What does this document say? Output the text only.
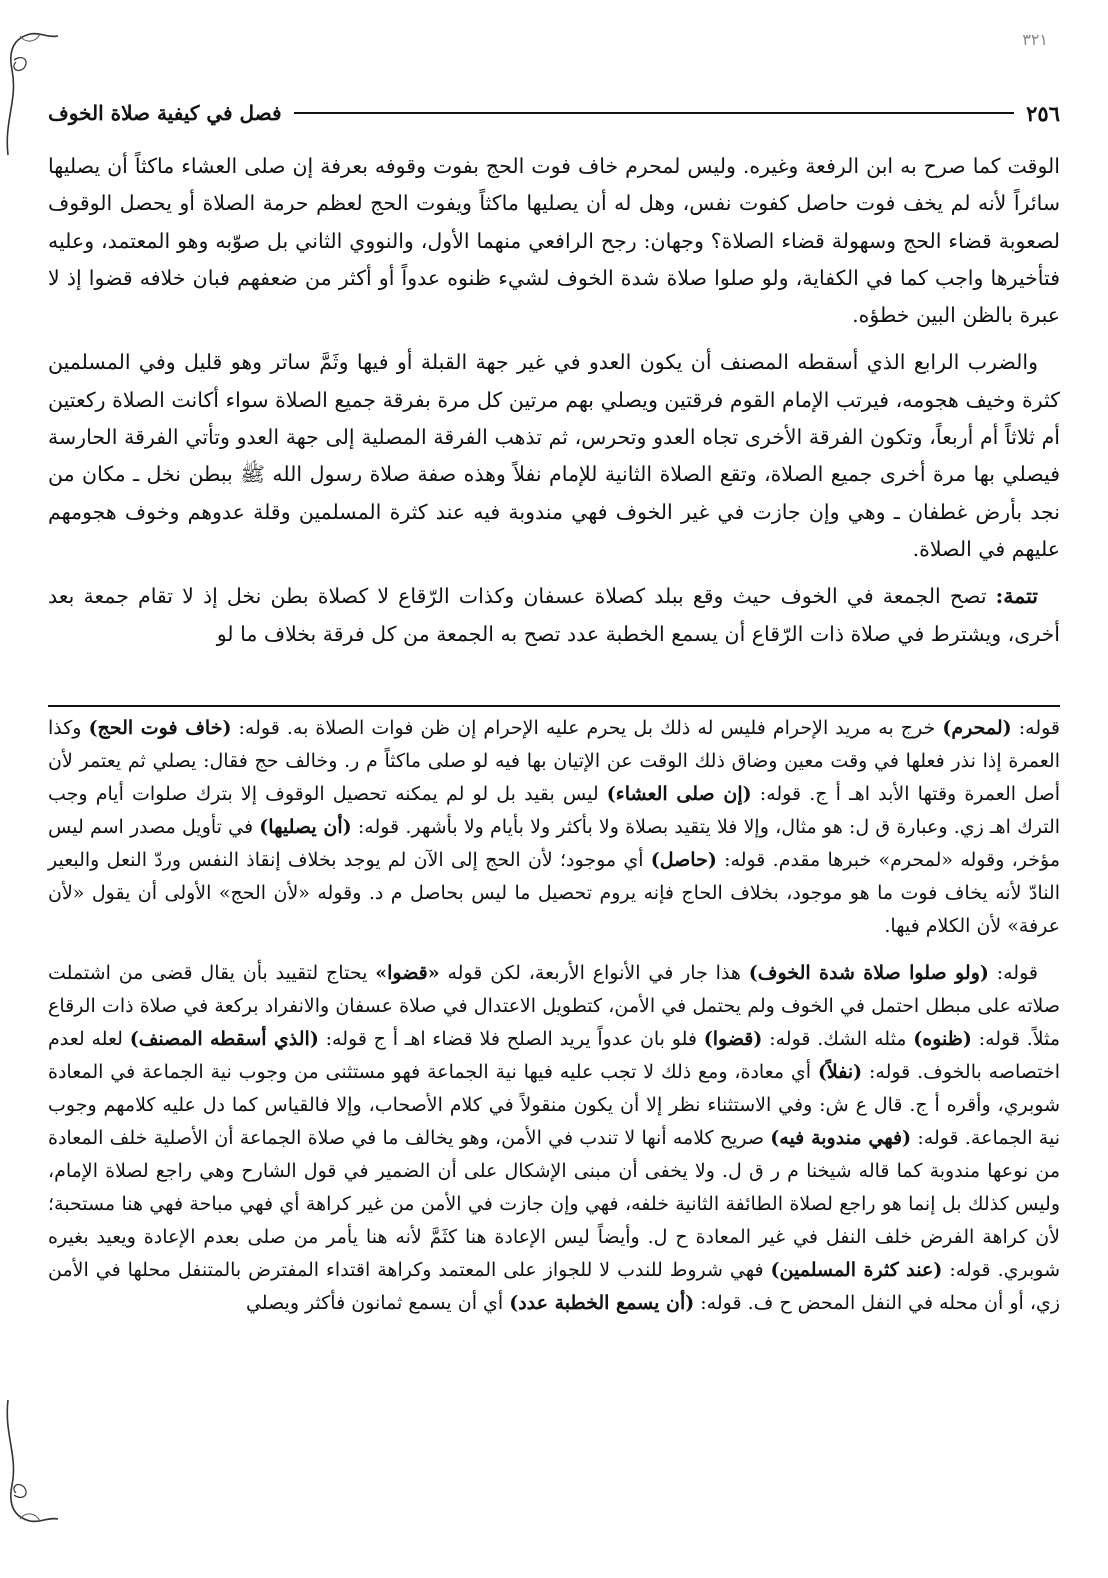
٣٢١
٢٥٦
فصل في كيفية صلاة الخوف

الوقت كما صرح به ابن الرفعة وغيره. وليس لمحرم خاف فوت الحج بفوت وقوفه بعرفة إن صلى العشاء ماكثاً أن يصليها سائراً لأنه لم يخف فوت حاصل كفوت نفس، وهل له أن يصليها ماكثاً ويفوت الحج لعظم حرمة الصلاة أو يحصل الوقوف لصعوبة قضاء الحج وسهولة قضاء الصلاة؟ وجهان: رجح الرافعي منهما الأول، والنووي الثاني بل صوّبه وهو المعتمد، وعليه فتأخيرها واجب كما في الكفاية، ولو صلوا صلاة شدة الخوف لشيء ظنوه عدواً أو أكثر من ضعفهم فبان خلافه قضوا إذ لا عبرة بالظن البين خطؤه.

والضرب الرابع الذي أسقطه المصنف أن يكون العدو في غير جهة القبلة أو فيها وثَمَّ ساتر وهو قليل وفي المسلمين كثرة وخيف هجومه، فيرتب الإمام القوم فرقتين ويصلي بهم مرتين كل مرة بفرقة جميع الصلاة سواء أكانت الصلاة ركعتين أم ثلاثاً أم أربعاً، وتكون الفرقة الأخرى تجاه العدو وتحرس، ثم تذهب الفرقة المصلية إلى جهة العدو وتأتي الفرقة الحارسة فيصلي بها مرة أخرى جميع الصلاة، وتقع الصلاة الثانية للإمام نفلاً وهذه صفة صلاة رسول الله ﷺ ببطن نخل ـ مكان من نجد بأرض غطفان ـ وهي وإن جازت في غير الخوف فهي مندوبة فيه عند كثرة المسلمين وقلة عدوهم وخوف هجومهم عليهم في الصلاة.

تتمة: تصح الجمعة في الخوف حيث وقع ببلد كصلاة عسفان وكذات الرّقاع لا كصلاة بطن نخل إذ لا تقام جمعة بعد أخرى، ويشترط في صلاة ذات الرّقاع أن يسمع الخطبة عدد تصح به الجمعة من كل فرقة بخلاف ما لو

قوله: (لمحرم) خرج به مريد الإحرام فليس له ذلك بل يحرم عليه الإحرام إن ظن فوات الصلاة به. قوله: (خاف فوت الحج) وكذا العمرة إذا نذر فعلها في وقت معين وضاق ذلك الوقت عن الإتيان بها فيه لو صلى ماكثاً م ر. وخالف حج فقال: يصلي ثم يعتمر لأن أصل العمرة وقتها الأبد اهـ أ ج. قوله: (إن صلى العشاء) ليس بقيد بل لو لم يمكنه تحصيل الوقوف إلا بترك صلوات أيام وجب الترك اهـ زي. وعبارة ق ل: هو مثال، وإلا فلا يتقيد بصلاة ولا بأكثر ولا بأيام ولا بأشهر. قوله: (أن يصليها) في تأويل مصدر اسم ليس مؤخر، وقوله «لمحرم» خبرها مقدم. قوله: (حاصل) أي موجود؛ لأن الحج إلى الآن لم يوجد بخلاف إنقاذ النفس وردّ النعل والبعير النادّ لأنه يخاف فوت ما هو موجود، بخلاف الحاج فإنه يروم تحصيل ما ليس بحاصل م د. وقوله «لأن الحج» الأولى أن يقول «لأن عرفة» لأن الكلام فيها.

قوله: (ولو صلوا صلاة شدة الخوف) هذا جار في الأنواع الأربعة، لكن قوله «قضوا» يحتاج لتقييد بأن يقال قضى من اشتملت صلاته على مبطل احتمل في الخوف ولم يحتمل في الأمن، كتطويل الاعتدال في صلاة عسفان والانفراد بركعة في صلاة ذات الرقاع مثلاً. قوله: (ظنوه) مثله الشك. قوله: (قضوا) فلو بان عدواً يريد الصلح فلا قضاء اهـ أ ج قوله: (الذي أسقطه المصنف) لعله لعدم اختصاصه بالخوف. قوله: (نفلاً) أي معادة، ومع ذلك لا تجب عليه فيها نية الجماعة فهو مستثنى من وجوب نية الجماعة في المعادة شوبري، وأقره أ ج. قال ع ش: وفي الاستثناء نظر إلا أن يكون منقولاً في كلام الأصحاب، وإلا فالقياس كما دل عليه كلامهم وجوب نية الجماعة. قوله: (فهي مندوبة فيه) صريح كلامه أنها لا تندب في الأمن، وهو يخالف ما في صلاة الجماعة أن الأصلية خلف المعادة من نوعها مندوبة كما قاله شيخنا م ر ق ل. ولا يخفى أن مبنى الإشكال على أن الضمير في قول الشارح وهي راجع لصلاة الإمام، وليس كذلك بل إنما هو راجع لصلاة الطائفة الثانية خلفه، فهي وإن جازت في الأمن من غير كراهة أي فهي مباحة فهي هنا مستحبة؛ لأن كراهة الفرض خلف النفل في غير المعادة ح ل. وأيضاً ليس الإعادة هنا كثَمَّ لأنه هنا يأمر من صلى بعدم الإعادة ويعيد بغيره شوبري. قوله: (عند كثرة المسلمين) فهي شروط للندب لا للجواز على المعتمد وكراهة اقتداء المفترض بالمتنفل محلها في الأمن زي، أو أن محله في النفل المحض ح ف. قوله: (أن يسمع الخطبة عدد) أي أن يسمع ثمانون فأكثر ويصلي
